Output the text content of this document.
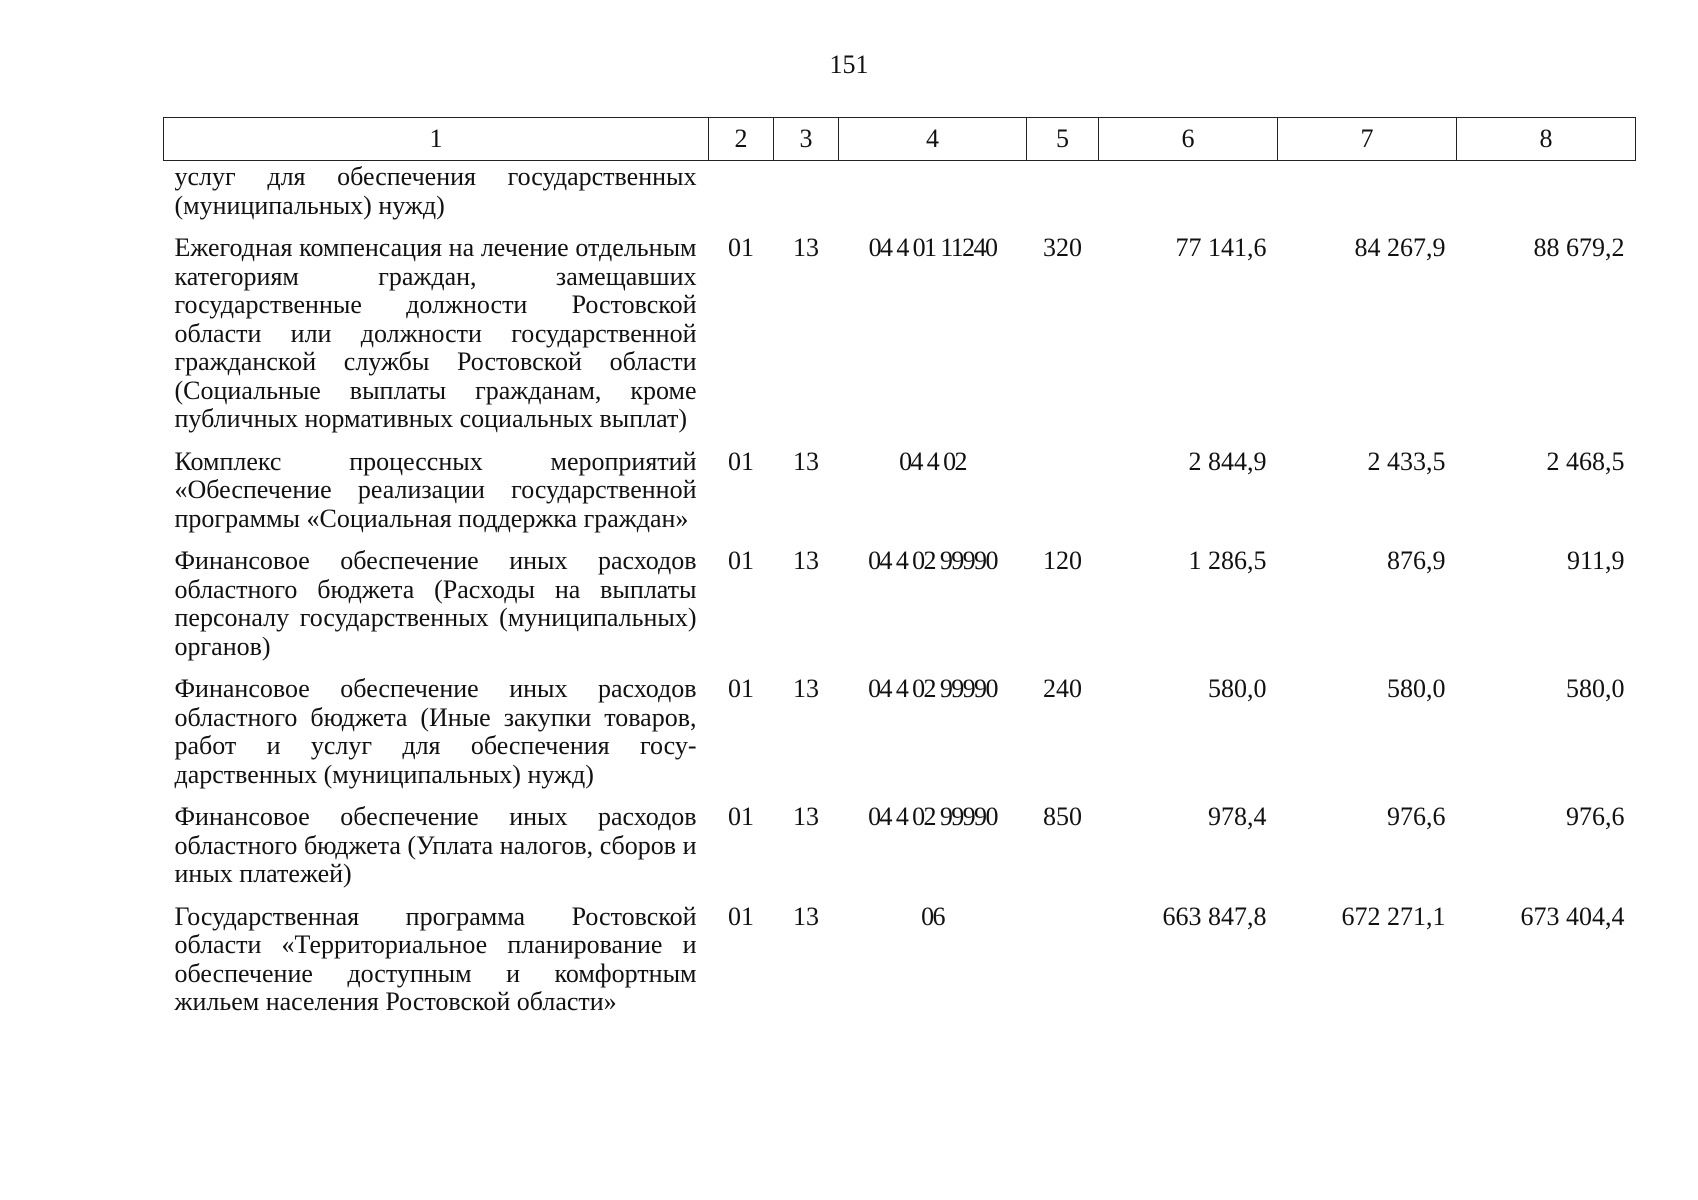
151
1	2	3	4	5	6	7	8
услуг для обеспечения государственных (муниципальных) нужд)							
Ежегодная компенсация на лечение отдельным категориям граждан, замещавших государственные должности Ростовской области или должности государственной гражданской службы Ростовской области (Социальные выплаты гражданам, кроме публичных нормативных социальных выплат)	01	13	04 4 01 11240	320	77 141,6	84 267,9	88 679,2
Комплекс процессных мероприятий «Обеспечение реализации государственной программы «Социальная поддержка граждан»	01	13	04 4 02		2 844,9	2 433,5	2 468,5
Финансовое обеспечение иных расходов областного бюджета (Расходы на выплаты персоналу государственных (муниципальных) органов)	01	13	04 4 02 99990	120	1 286,5	876,9	911,9
Финансовое обеспечение иных расходов областного бюджета (Иные закупки товаров, работ и услуг для обеспечения государственных (муниципальных) нужд)	01	13	04 4 02 99990	240	580,0	580,0	580,0
Финансовое обеспечение иных расходов областного бюджета (Уплата налогов, сборов и иных платежей)	01	13	04 4 02 99990	850	978,4	976,6	976,6
Государственная программа Ростовской области «Территориальное планирование и обеспечение доступным и комфортным жильем населения Ростовской области»	01	13	06		663 847,8	672 271,1	673 404,4
